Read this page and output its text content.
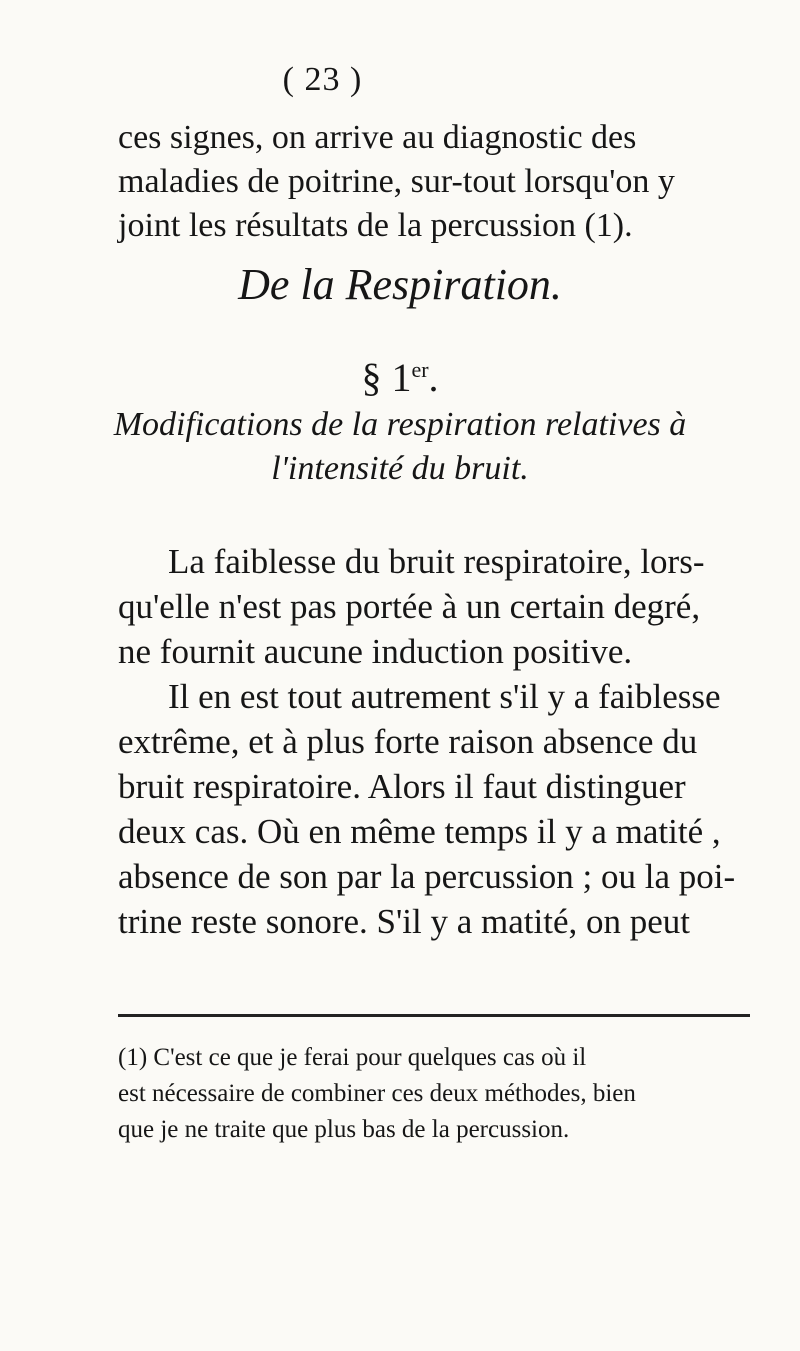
( 23 )
ces signes, on arrive au diagnostic des
maladies de poitrine, sur-tout lorsqu'on y
joint les résultats de la percussion (1).
De la Respiration.
§ 1er.
Modifications de la respiration relatives à
l'intensité du bruit.
La faiblesse du bruit respiratoire, lors-
qu'elle n'est pas portée à un certain degré,
ne fournit aucune induction positive.
Il en est tout autrement s'il y a faiblesse
extrême, et à plus forte raison absence du
bruit respiratoire. Alors il faut distinguer
deux cas. Où en même temps il y a matité ,
absence de son par la percussion ; ou la poi-
trine reste sonore. S'il y a matité, on peut
(1) C'est ce que je ferai pour quelques cas où il
est nécessaire de combiner ces deux méthodes, bien
que je ne traite que plus bas de la percussion.
